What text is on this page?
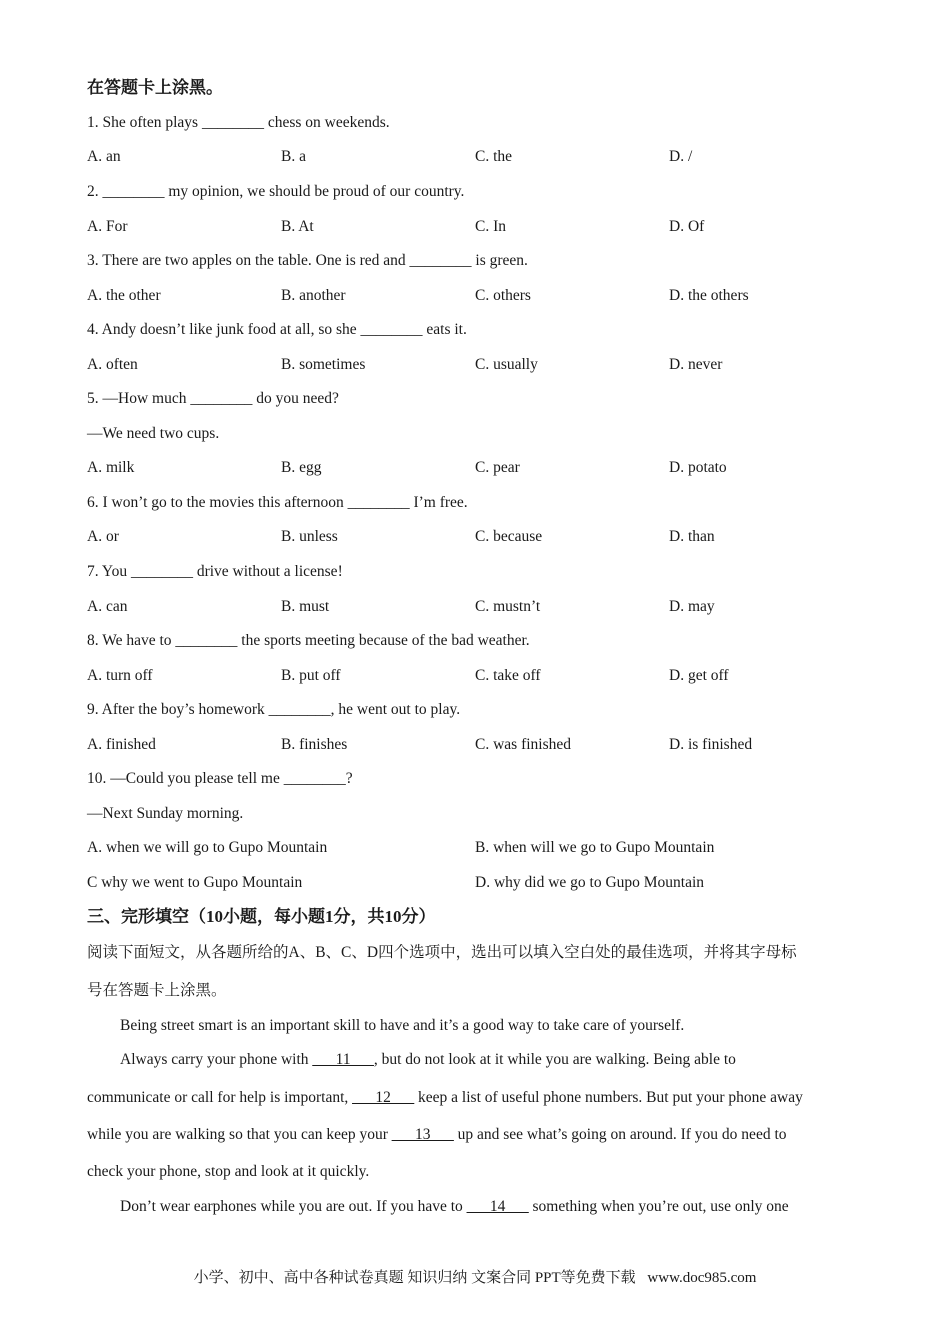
在答题卡上涂黑。
1. She often plays ________ chess on weekends.
A. an	B. a	C. the	D. /
2. ________ my opinion, we should be proud of our country.
A. For	B. At	C. In	D. Of
3. There are two apples on the table. One is red and ________ is green.
A. the other	B. another	C. others	D. the others
4. Andy doesn’t like junk food at all, so she ________ eats it.
A. often	B. sometimes	C. usually	D. never
5. —How much ________ do you need?
—We need two cups.
A. milk	B. egg	C. pear	D. potato
6. I won’t go to the movies this afternoon ________ I’m free.
A. or	B. unless	C. because	D. than
7. You ________ drive without a license!
A. can	B. must	C. mustn’t	D. may
8. We have to ________ the sports meeting because of the bad weather.
A. turn off	B. put off	C. take off	D. get off
9. After the boy’s homework ________, he went out to play.
A. finished	B. finishes	C. was finished	D. is finished
10. —Could you please tell me ________?
—Next Sunday morning.
A. when we will go to Gupo Mountain	B. when will we go to Gupo Mountain
C why we went to Gupo Mountain	D. why did we go to Gupo Mountain
三、完形填空（10小题，每小题1分，共10分）
阅读下面短文，从各题所给的A、B、C、D四个选项中，选出可以填入空白处的最佳选项，并将其字母标
号在答题卡上涂黑。
Being street smart is an important skill to have and it’s a good way to take care of yourself.
Always carry your phone with ___11___, but do not look at it while you are walking. Being able to
communicate or call for help is important, ___12___ keep a list of useful phone numbers. But put your phone away
while you are walking so that you can keep your ___13___ up and see what’s going on around. If you do need to
check your phone, stop and look at it quickly.
Don’t wear earphones while you are out. If you have to ___14___ something when you’re out, use only one
小学、初中、高中各种试卷真题 知识归纳 文案合同 PPT等免费下载 www.doc985.com
